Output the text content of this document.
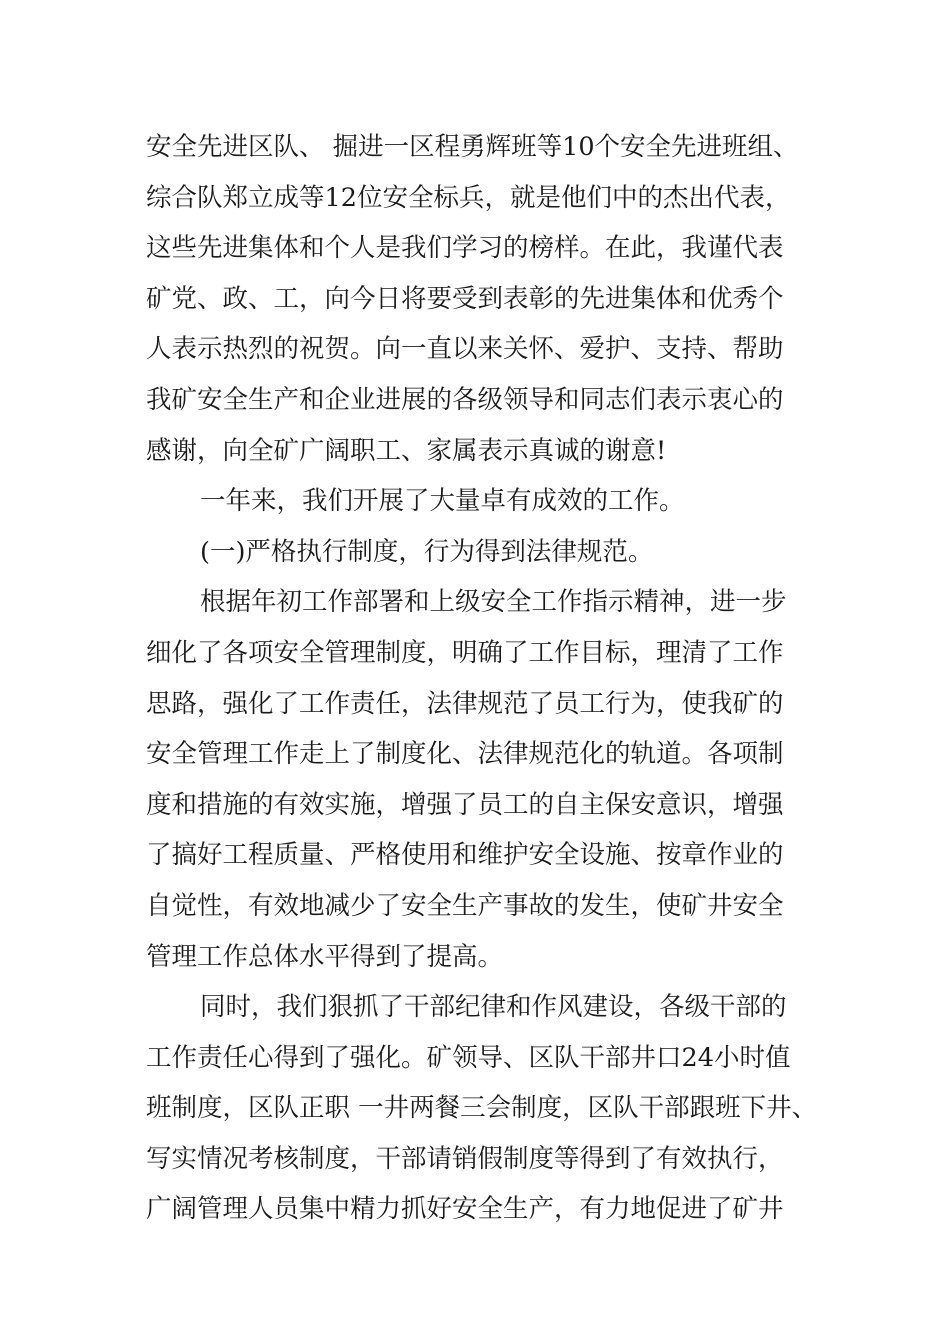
安全先进区队、 掘进一区程勇辉班等10个安全先进班组、
综合队郑立成等12位安全标兵，就是他们中的杰出代表，
这些先进集体和个人是我们学习的榜样。在此，我谨代表
矿党、政、工，向今日将要受到表彰的先进集体和优秀个
人表示热烈的祝贺。向一直以来关怀、爱护、支持、帮助
我矿安全生产和企业进展的各级领导和同志们表示衷心的
感谢，向全矿广阔职工、家属表示真诚的谢意!
一年来，我们开展了大量卓有成效的工作。
(一)严格执行制度，行为得到法律规范。
根据年初工作部署和上级安全工作指示精神，进一步
细化了各项安全管理制度，明确了工作目标，理清了工作
思路，强化了工作责任，法律规范了员工行为，使我矿的
安全管理工作走上了制度化、法律规范化的轨道。各项制
度和措施的有效实施，增强了员工的自主保安意识，增强
了搞好工程质量、严格使用和维护安全设施、按章作业的
自觉性，有效地减少了安全生产事故的发生，使矿井安全
管理工作总体水平得到了提高。
同时，我们狠抓了干部纪律和作风建设，各级干部的
工作责任心得到了强化。矿领导、区队干部井口24小时值
班制度，区队正职 一井两餐三会制度，区队干部跟班下井、
写实情况考核制度，干部请销假制度等得到了有效执行，
广阔管理人员集中精力抓好安全生产，有力地促进了矿井
